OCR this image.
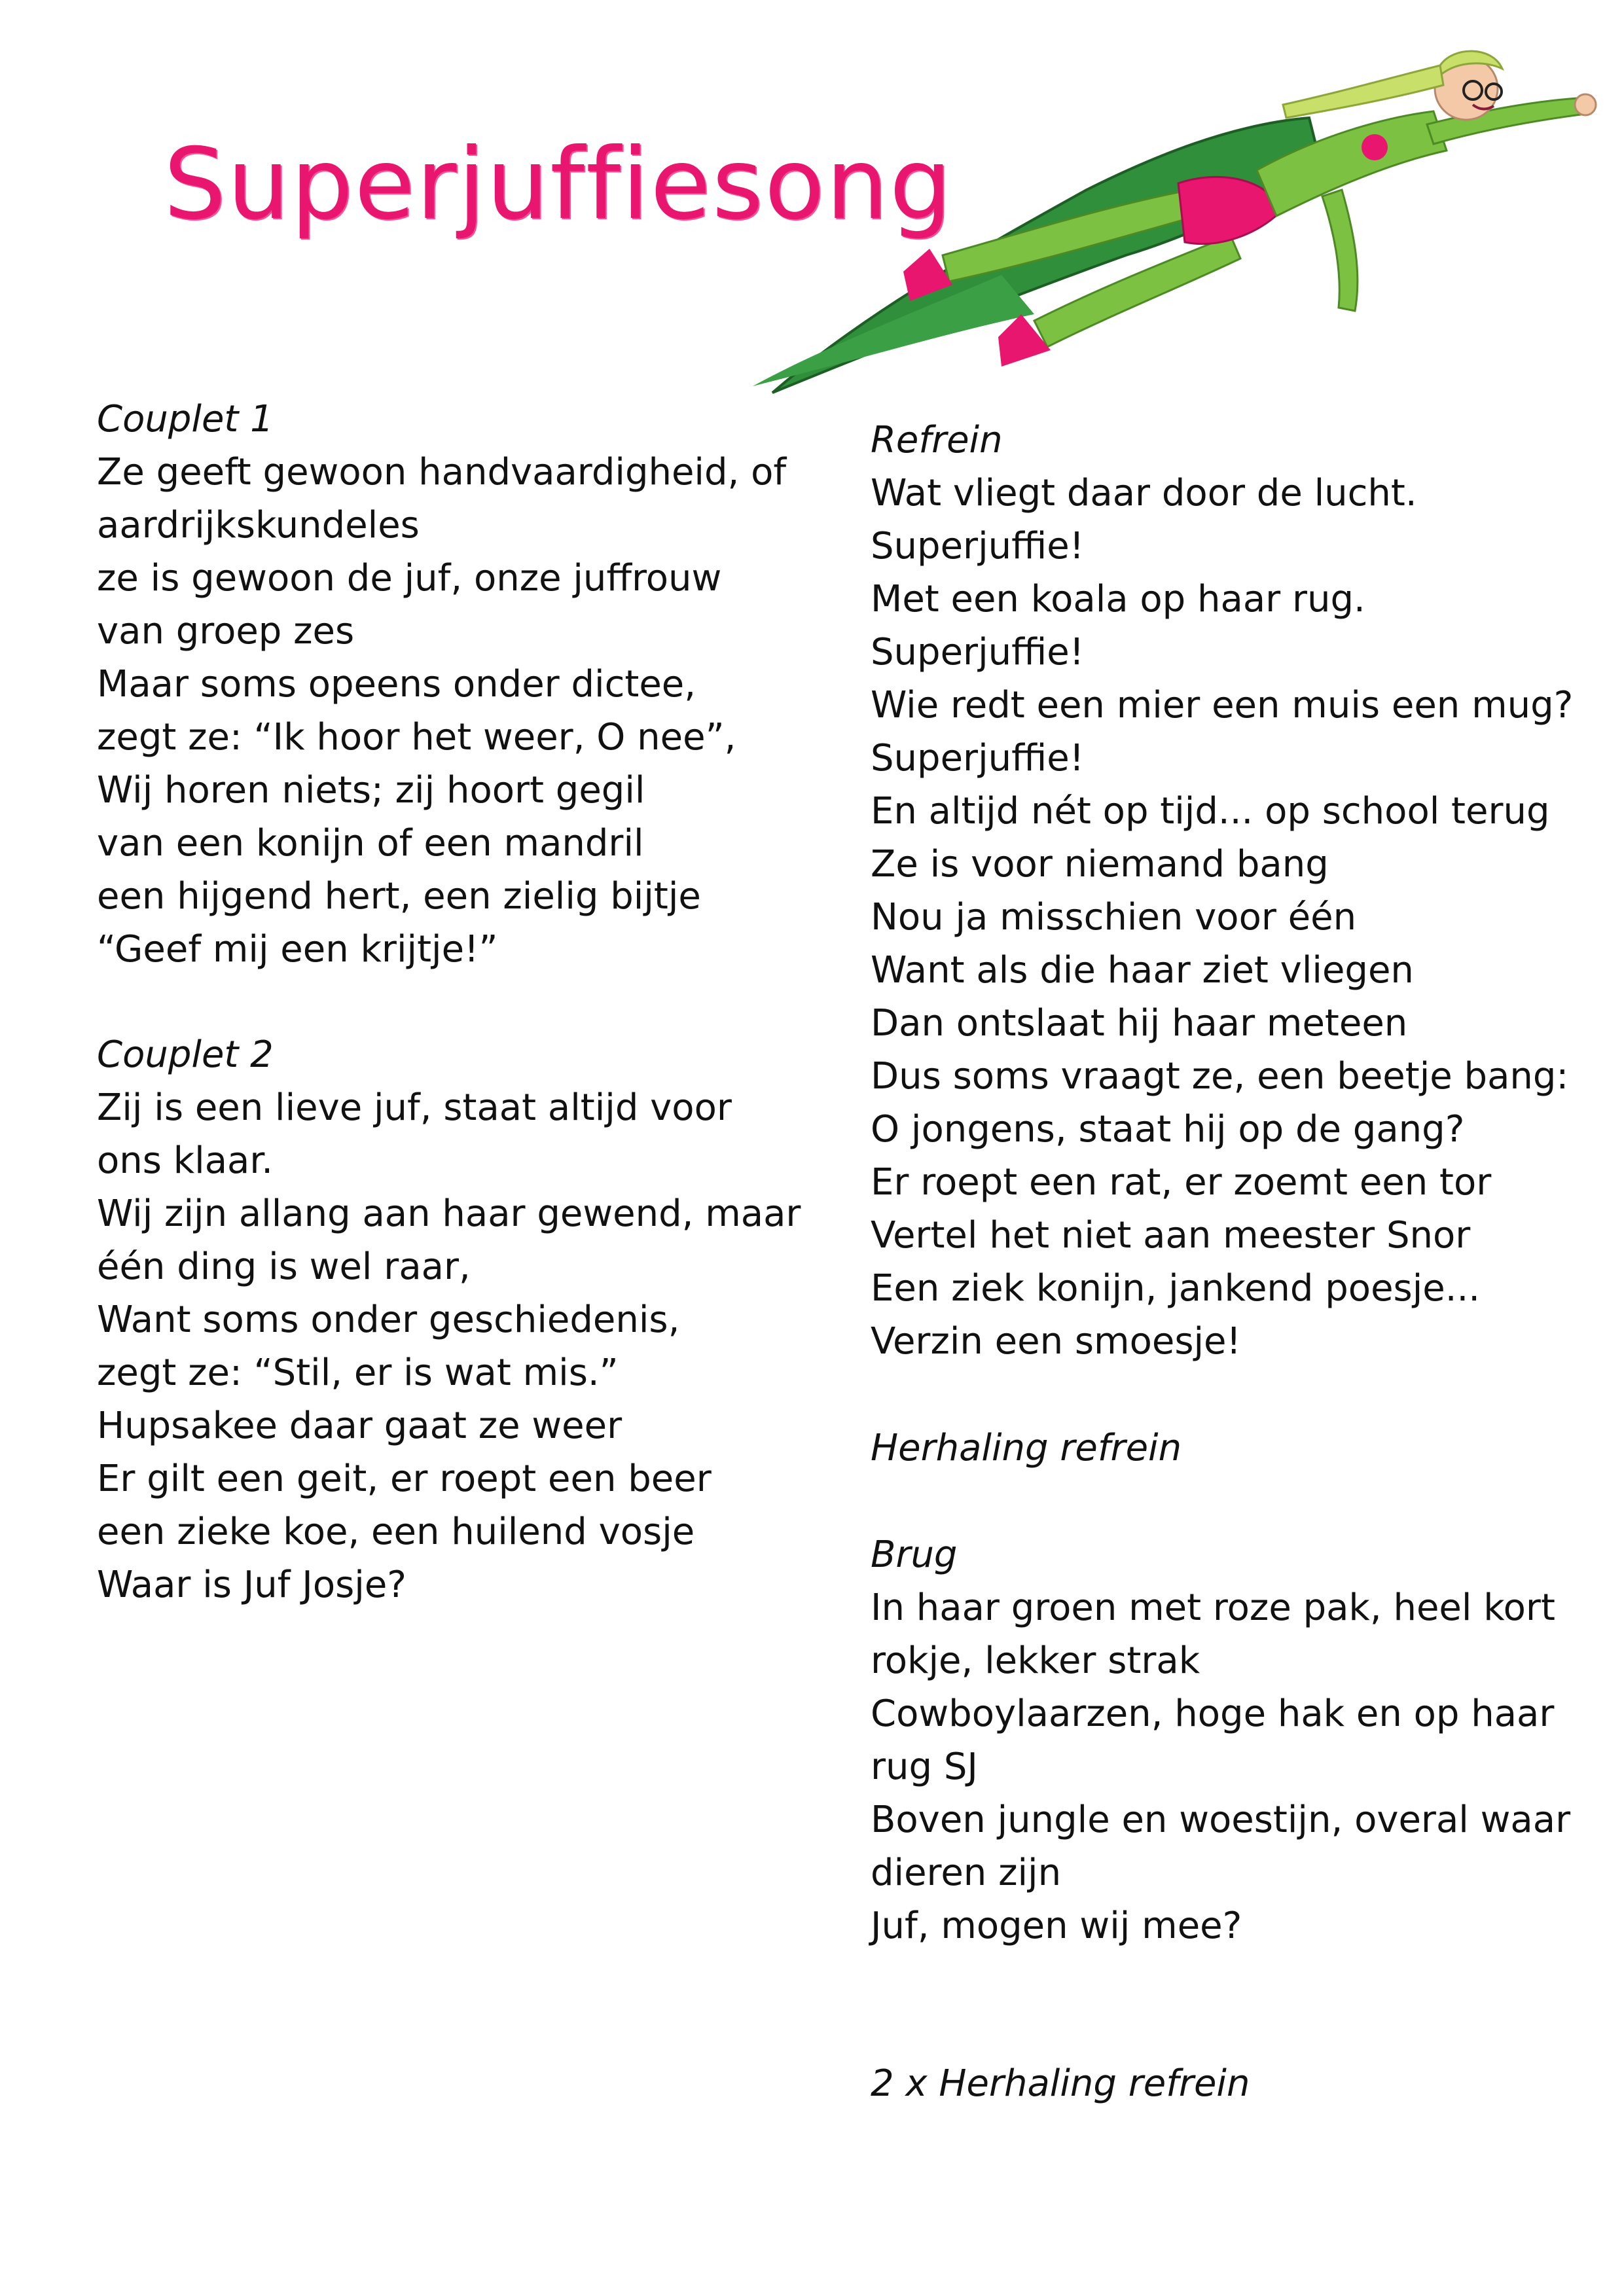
Superjuffiesong
Couplet 1
Ze geeft gewoon handvaardigheid, of
aardrijkskundeles
ze is gewoon de juf, onze juffrouw
van groep zes
Maar soms opeens onder dictee,
zegt ze: “Ik hoor het weer, O nee”,
Wij horen niets; zij hoort gegil
van een konijn of een mandril
een hijgend hert, een zielig bijtje
“Geef mij een krijtje!”
Couplet 2
Zij is een lieve juf, staat altijd voor
ons klaar.
Wij zijn allang aan haar gewend, maar
één ding is wel raar,
Want soms onder geschiedenis,
zegt ze: “Stil, er is wat mis.”
Hupsakee daar gaat ze weer
Er gilt een geit, er roept een beer
een zieke koe, een huilend vosje
Waar is Juf Josje?
Refrein
Wat vliegt daar door de lucht.
Superjuffie!
Met een koala op haar rug.
Superjuffie!
Wie redt een mier een muis een mug?
Superjuffie!
En altijd nét op tijd... op school terug
Ze is voor niemand bang
Nou ja misschien voor één
Want als die haar ziet vliegen
Dan ontslaat hij haar meteen
Dus soms vraagt ze, een beetje bang:
O jongens, staat hij op de gang?
Er roept een rat, er zoemt een tor
Vertel het niet aan meester Snor
Een ziek konijn, jankend poesje...
Verzin een smoesje!
Herhaling refrein
Brug
In haar groen met roze pak, heel kort
rokje, lekker strak
Cowboylaarzen, hoge hak en op haar
rug SJ
Boven jungle en woestijn, overal waar
dieren zijn
Juf, mogen wij mee?
2 x Herhaling refrein
